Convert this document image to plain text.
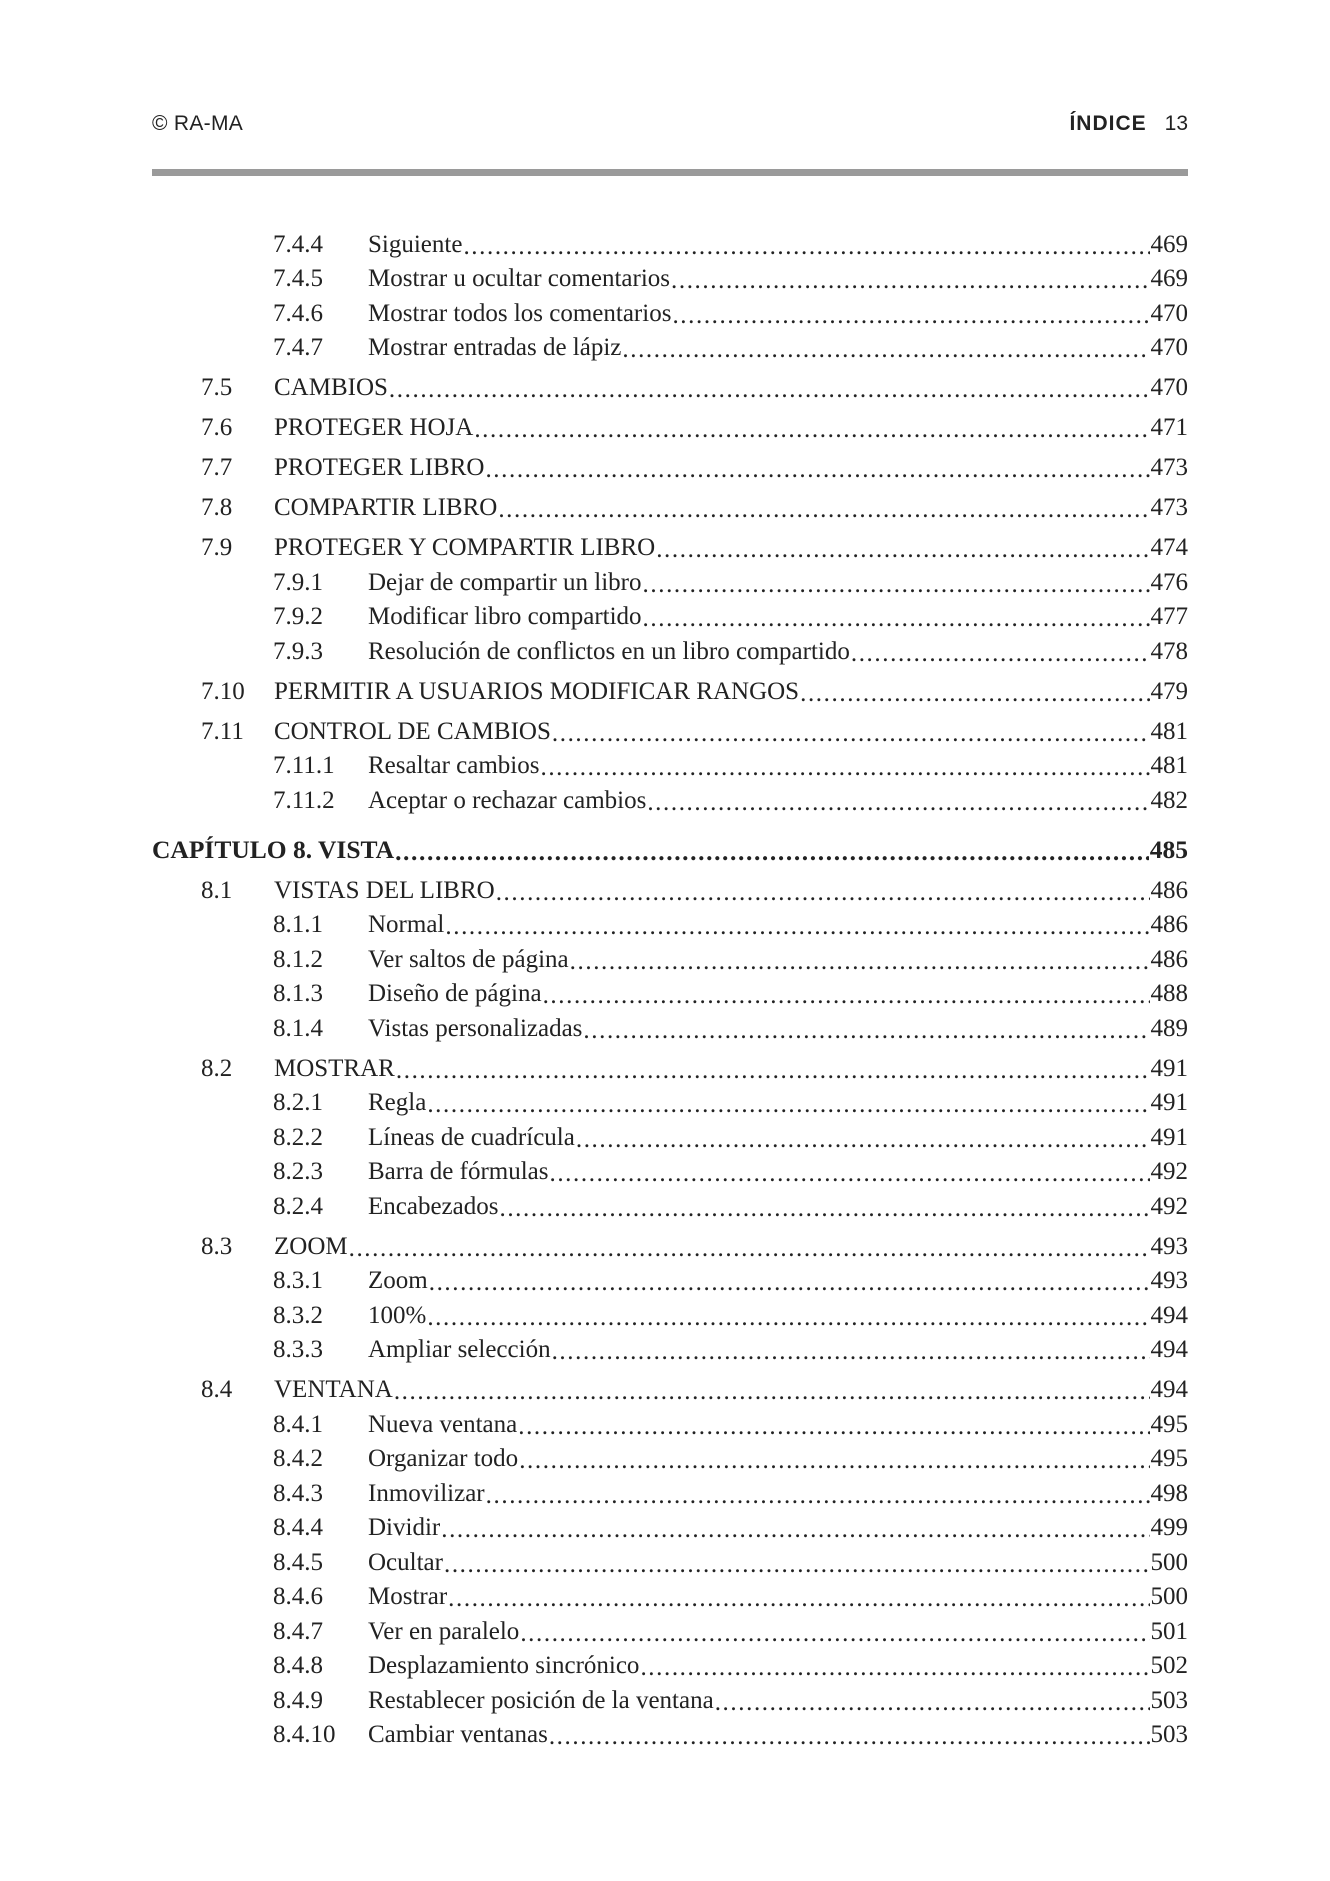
© RA-MA	ÍNDICE 13
7.4.4	Siguiente .....	469
7.4.5	Mostrar u ocultar comentarios .....	469
7.4.6	Mostrar todos los comentarios .....	470
7.4.7	Mostrar entradas de lápiz .....	470
7.5	CAMBIOS .....	470
7.6	PROTEGER HOJA .....	471
7.7	PROTEGER LIBRO .....	473
7.8	COMPARTIR LIBRO .....	473
7.9	PROTEGER Y COMPARTIR LIBRO .....	474
7.9.1	Dejar de compartir un libro .....	476
7.9.2	Modificar libro compartido .....	477
7.9.3	Resolución de conflictos en un libro compartido .....	478
7.10	PERMITIR A USUARIOS MODIFICAR RANGOS .....	479
7.11	CONTROL DE CAMBIOS .....	481
7.11.1	Resaltar cambios .....	481
7.11.2	Aceptar o rechazar cambios .....	482
CAPÍTULO 8. VISTA .....	485
8.1	VISTAS DEL LIBRO .....	486
8.1.1	Normal .....	486
8.1.2	Ver saltos de página .....	486
8.1.3	Diseño de página .....	488
8.1.4	Vistas personalizadas .....	489
8.2	MOSTRAR .....	491
8.2.1	Regla .....	491
8.2.2	Líneas de cuadrícula .....	491
8.2.3	Barra de fórmulas .....	492
8.2.4	Encabezados .....	492
8.3	ZOOM .....	493
8.3.1	Zoom .....	493
8.3.2	100% .....	494
8.3.3	Ampliar selección .....	494
8.4	VENTANA .....	494
8.4.1	Nueva ventana .....	495
8.4.2	Organizar todo .....	495
8.4.3	Inmovilizar .....	498
8.4.4	Dividir .....	499
8.4.5	Ocultar .....	500
8.4.6	Mostrar .....	500
8.4.7	Ver en paralelo .....	501
8.4.8	Desplazamiento sincrónico .....	502
8.4.9	Restablecer posición de la ventana .....	503
8.4.10	Cambiar ventanas .....	503
